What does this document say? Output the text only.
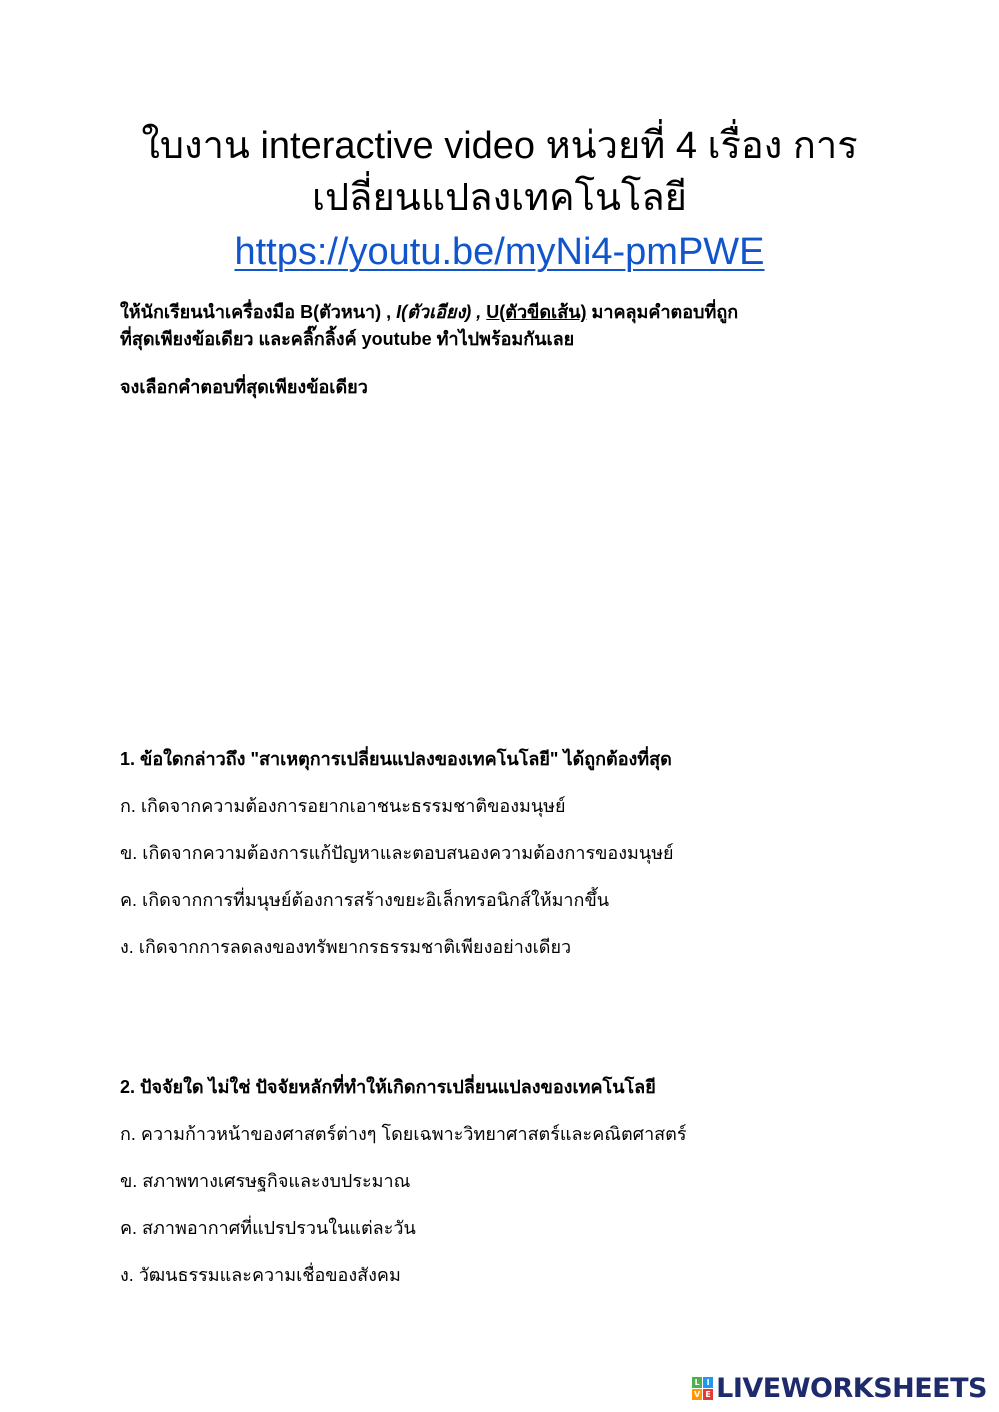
ใบงาน interactive video หน่วยที่ 4 เรื่อง การ
เปลี่ยนแปลงเทคโนโลยี
https://youtu.be/myNi4-pmPWE

ให้นักเรียนนำเครื่องมือ B(ตัวหนา) , I(ตัวเอียง) , U(ตัวขีดเส้น) มาคลุมคำตอบที่ถูก
ที่สุดเพียงข้อเดียว และคลิ๊กลิ้งค์ youtube ทำไปพร้อมกันเลย

จงเลือกคำตอบที่สุดเพียงข้อเดียว

1. ข้อใดกล่าวถึง "สาเหตุการเปลี่ยนแปลงของเทคโนโลยี" ได้ถูกต้องที่สุด

ก. เกิดจากความต้องการอยากเอาชนะธรรมชาติของมนุษย์

ข. เกิดจากความต้องการแก้ปัญหาและตอบสนองความต้องการของมนุษย์

ค. เกิดจากการที่มนุษย์ต้องการสร้างขยะอิเล็กทรอนิกส์ให้มากขึ้น

ง. เกิดจากการลดลงของทรัพยากรธรรมชาติเพียงอย่างเดียว

2. ปัจจัยใด ไม่ใช่ ปัจจัยหลักที่ทำให้เกิดการเปลี่ยนแปลงของเทคโนโลยี

ก. ความก้าวหน้าของศาสตร์ต่างๆ โดยเฉพาะวิทยาศาสตร์และคณิตศาสตร์

ข. สภาพทางเศรษฐกิจและงบประมาณ

ค. สภาพอากาศที่แปรปรวนในแต่ละวัน

ง. วัฒนธรรมและความเชื่อของสังคม

L I
V E LIVEWORKSHEETS
